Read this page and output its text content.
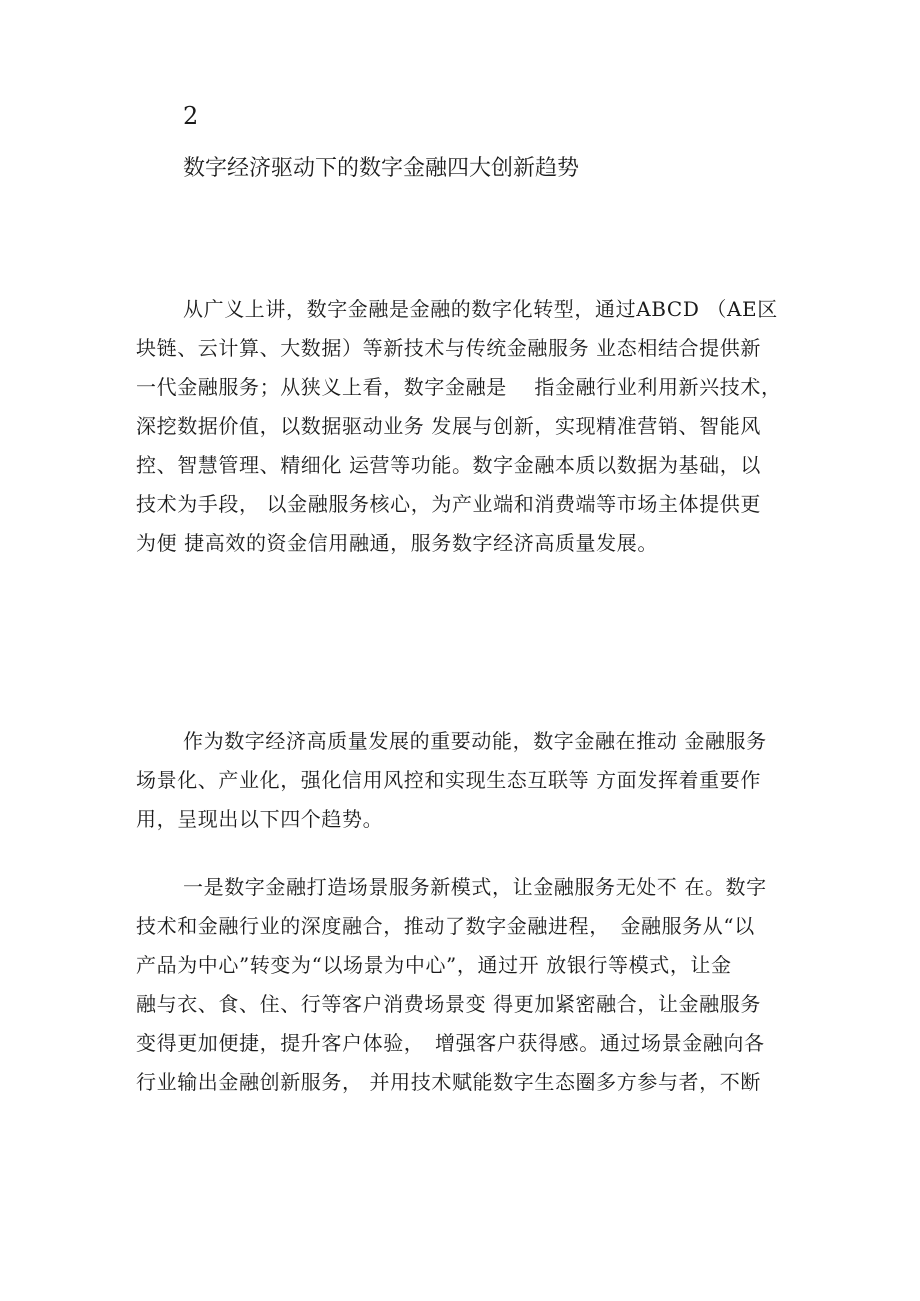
2
数字经济驱动下的数字金融四大创新趋势
从广义上讲，数字金融是金融的数字化转型，通过ABCD （AE区
块链、云计算、大数据）等新技术与传统金融服务 业态相结合提供新
一代金融服务；从狭义上看，数字金融是　 指金融行业利用新兴技术，
深挖数据价值，以数据驱动业务 发展与创新，实现精准营销、智能风
控、智慧管理、精细化 运营等功能。数字金融本质以数据为基础，以
技术为手段， 以金融服务核心，为产业端和消费端等市场主体提供更
为便 捷高效的资金信用融通，服务数字经济高质量发展。
作为数字经济高质量发展的重要动能，数字金融在推动 金融服务
场景化、产业化，强化信用风控和实现生态互联等 方面发挥着重要作
用，呈现出以下四个趋势。
一是数字金融打造场景服务新模式，让金融服务无处不 在。数字
技术和金融行业的深度融合，推动了数字金融进程，　金融服务从“以
产品为中心”转变为“以场景为中心”，通过开 放银行等模式，让金
融与衣、食、住、行等客户消费场景变 得更加紧密融合，让金融服务
变得更加便捷，提升客户体验，　增强客户获得感。通过场景金融向各
行业输出金融创新服务， 并用技术赋能数字生态圈多方参与者，不断
